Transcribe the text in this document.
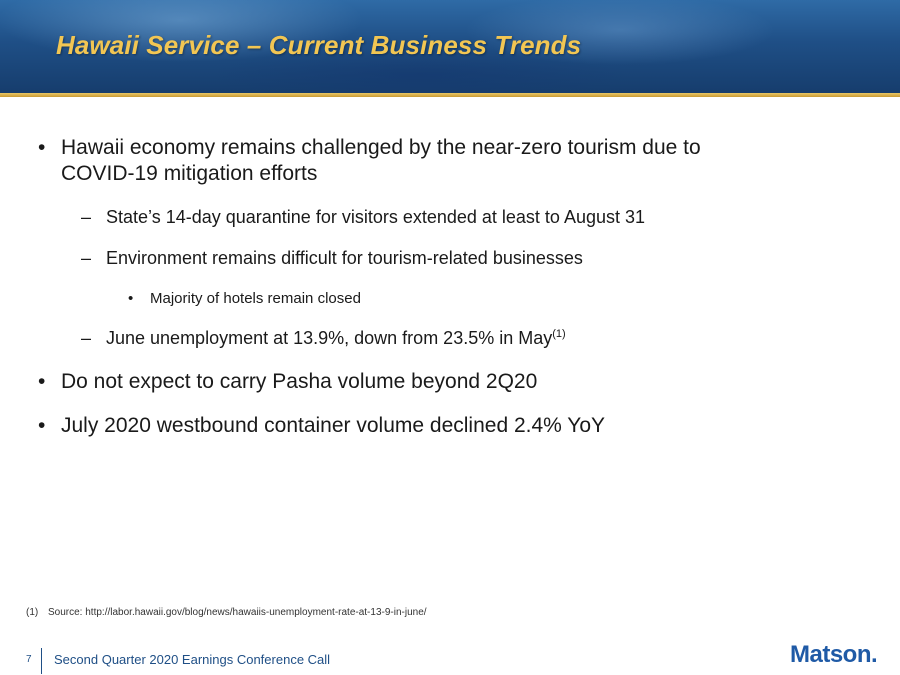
Hawaii Service – Current Business Trends
• Hawaii economy remains challenged by the near-zero tourism due to
COVID-19 mitigation efforts
– State’s 14-day quarantine for visitors extended at least to August 31
– Environment remains difficult for tourism-related businesses
• Majority of hotels remain closed
– June unemployment at 13.9%, down from 23.5% in May$^{(1)}$
• Do not expect to carry Pasha volume beyond 2Q20
• July 2020 westbound container volume declined 2.4% YoY
(1) Source: http://labor.hawaii.gov/blog/news/hawaiis-unemployment-rate-at-13-9-in-june/
7 Second Quarter 2020 Earnings Conference Call	Matson.
